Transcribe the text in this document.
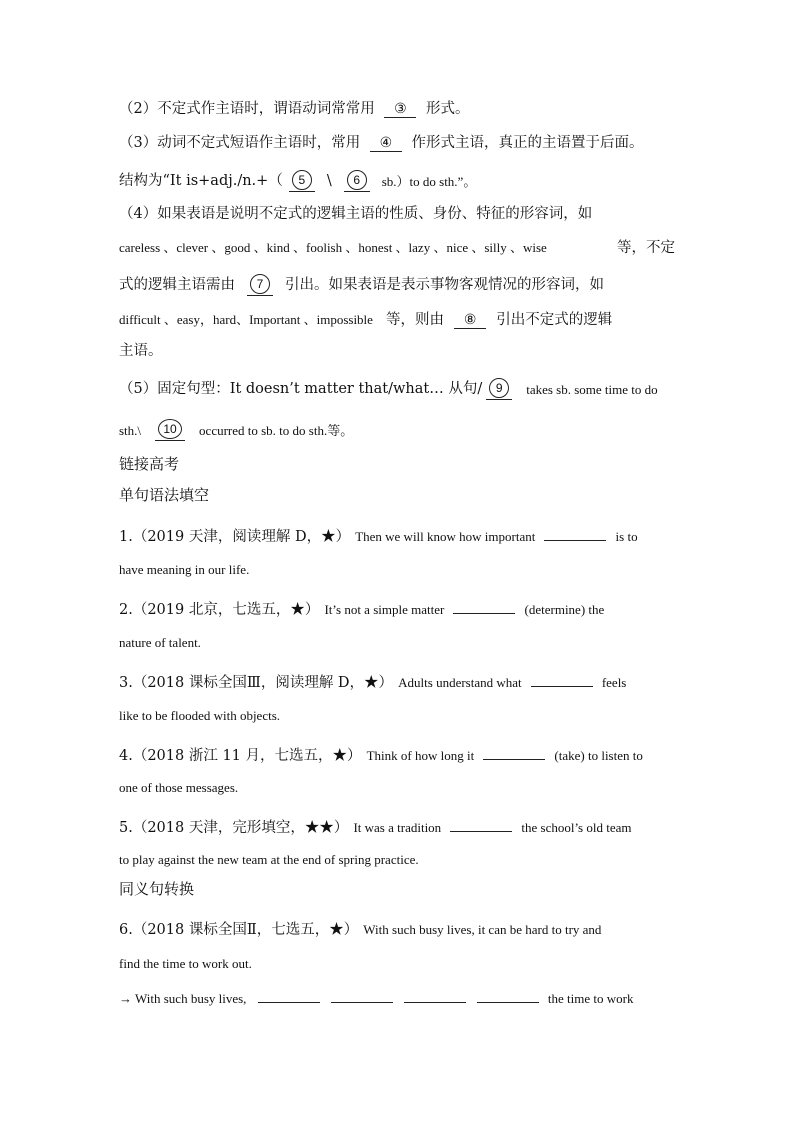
（2）不定式作主语时，谓语动词常常用 ③ 形式。
（3）动词不定式短语作主语时，常用 ④ 作形式主语，真正的主语置于后面。
结构为“It is+adj./n.+（	5	\	6	sb.）to do sth.”。
（4）如果表语是说明不定式的逻辑主语的性质、身份、特征的形容词，如
careless 、clever 、good 、kind 、foolish 、honest 、lazy 、nice 、silly 、wise	等，不定
式的逻辑主语需由	7	引出。如果表语是表示事物客观情况的形容词，如
difficult 、easy，hard、Important 、impossible 等，则由 ⑧ 引出不定式的逻辑
主语。
（5）固定句型：It doesn’t matter that/what… 从句/	9	takes sb. some time to do
sth.\	10	occurred to sb. to do sth.等。
链接高考
单句语法填空
1.（2019 天津，阅读理解 D，★） Then we will know how important	is to
have meaning in our life.
2.（2019 北京，七选五，★） It’s not a simple matter	(determine) the
nature of talent.
3.（2018 课标全国Ⅲ，阅读理解 D，★） Adults understand what	feels
like to be flooded with objects.
4.（2018 浙江 11 月，七选五，★） Think of how long it	(take) to listen to
one of those messages.
5.（2018 天津，完形填空，★★） It was a tradition	the school’s old team
to play against the new team at the end of spring practice.
同义句转换
6.（2018 课标全国Ⅱ，七选五，★） With such busy lives, it can be hard to try and
find the time to work out.
→ With such busy lives,	the time to work
